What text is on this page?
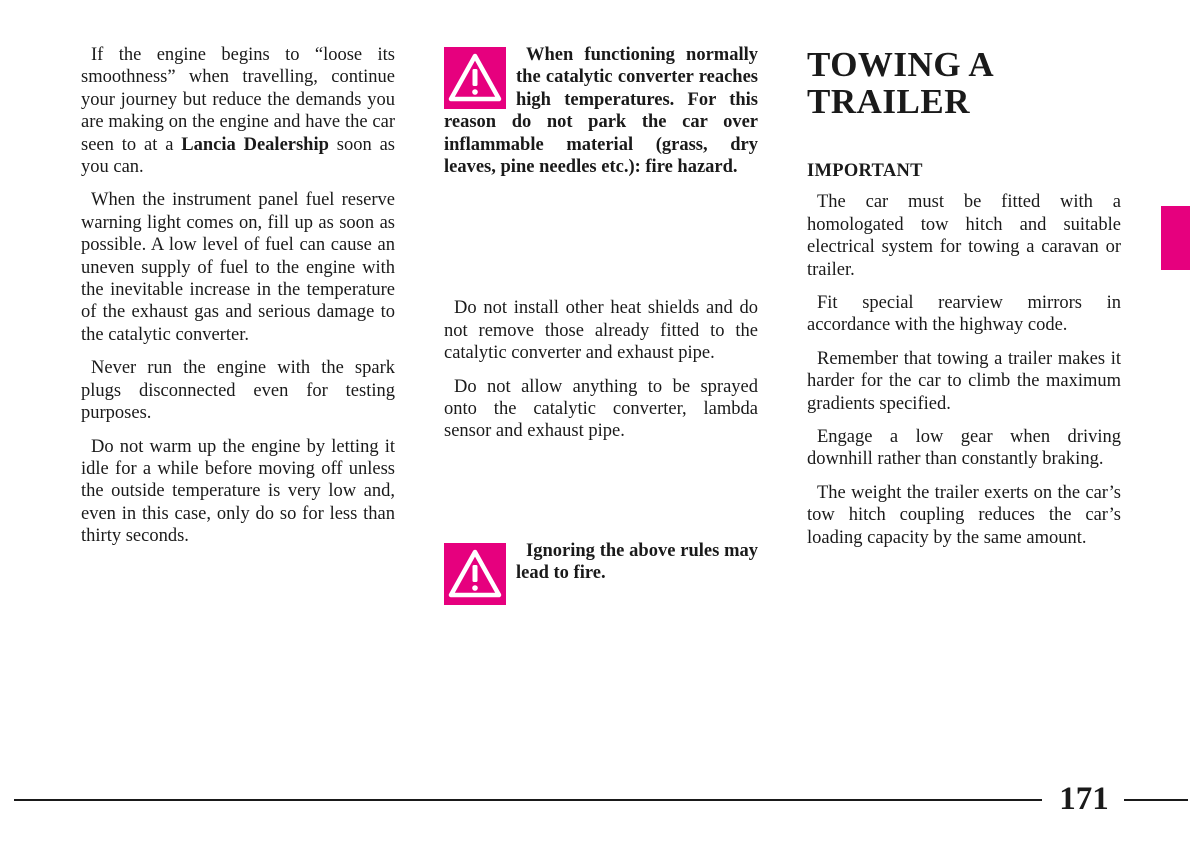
If the engine begins to “loose its smoothness” when travelling, continue your journey but reduce the demands you are making on the engine and have the car seen to at a Lancia Dealership soon as you can.

When the instrument panel fuel reserve warning light comes on, fill up as soon as possible. A low level of fuel can cause an uneven supply of fuel to the engine with the inevitable increase in the temperature of the exhaust gas and serious damage to the catalytic converter.

Never run the engine with the spark plugs disconnected even for testing purposes.

Do not warm up the engine by letting it idle for a while before moving off unless the outside temperature is very low and, even in this case, only do so for less than thirty seconds.

When functioning normally the catalytic converter reaches high temperatures. For this reason do not park the car over inflammable material (grass, dry leaves, pine needles etc.): fire hazard.

Do not install other heat shields and do not remove those already fitted to the catalytic converter and exhaust pipe.

Do not allow anything to be sprayed onto the catalytic converter, lambda sensor and exhaust pipe.

Ignoring the above rules may lead to fire.

TOWING A
TRAILER
IMPORTANT

The car must be fitted with a homologated tow hitch and suitable electrical system for towing a caravan or trailer.

Fit special rearview mirrors in accordance with the highway code.

Remember that towing a trailer makes it harder for the car to climb the maximum gradients specified.

Engage a low gear when driving downhill rather than constantly braking.

The weight the trailer exerts on the car’s tow hitch coupling reduces the car’s loading capacity by the same amount.

171
